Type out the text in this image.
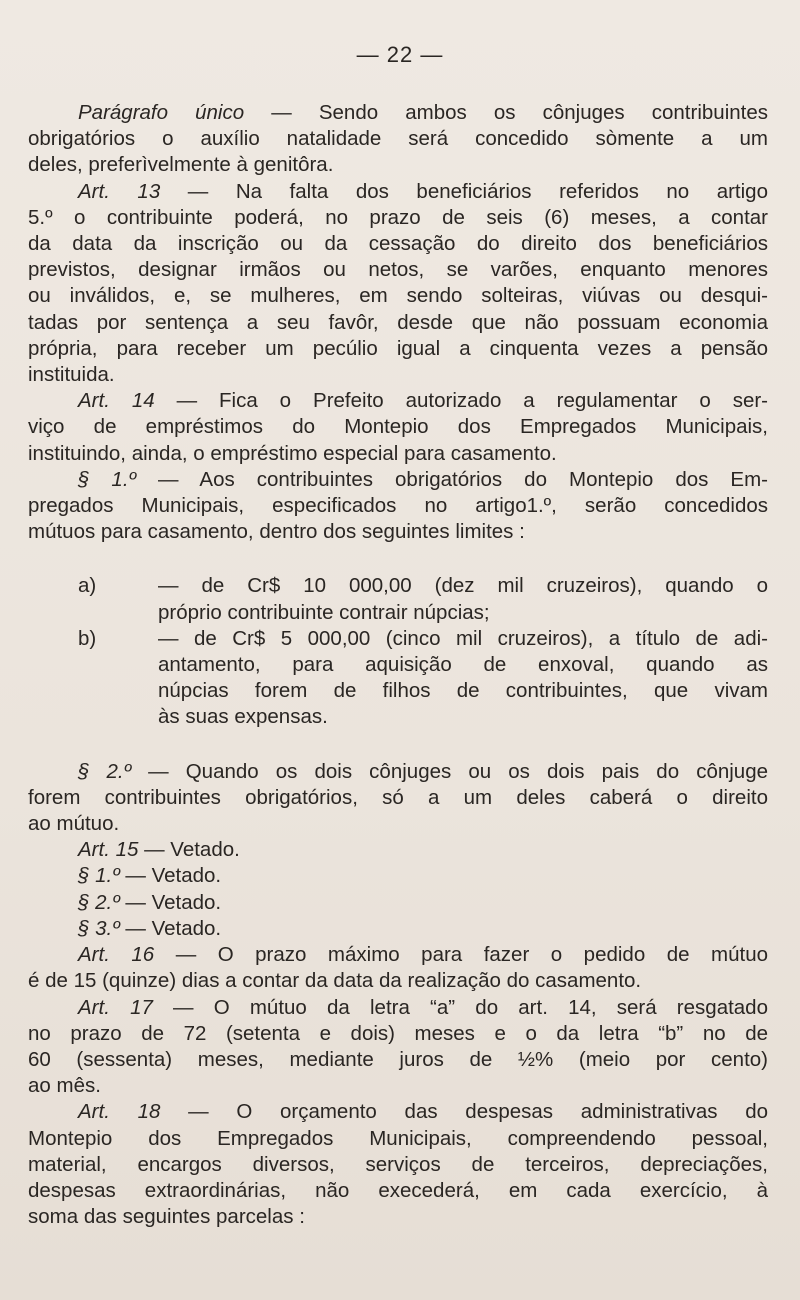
— 22 —
Parágrafo único — Sendo ambos os cônjuges contribuintes
obrigatórios o auxílio natalidade será concedido sòmente a um
deles, preferìvelmente à genitôra.
Art. 13 — Na falta dos beneficiários referidos no artigo
5.º o contribuinte poderá, no prazo de seis (6) meses, a contar
da data da inscrição ou da cessação do direito dos beneficiários
previstos, designar irmãos ou netos, se varões, enquanto menores
ou inválidos, e, se mulheres, em sendo solteiras, viúvas ou desqui-
tadas por sentença a seu favôr, desde que não possuam economia
própria, para receber um pecúlio igual a cinquenta vezes a pensão
instituida.
Art. 14 — Fica o Prefeito autorizado a regulamentar o ser-
viço de empréstimos do Montepio dos Empregados Municipais,
instituindo, ainda, o empréstimo especial para casamento.
§ 1.º — Aos contribuintes obrigatórios do Montepio dos Em-
pregados Municipais, especificados no artigo1.º, serão concedidos
mútuos para casamento, dentro dos seguintes limites :
a)	— de Cr$ 10 000,00 (dez mil cruzeiros), quando o
próprio contribuinte contrair núpcias;
b)	— de Cr$ 5 000,00 (cinco mil cruzeiros), a título de adi-
antamento, para aquisição de enxoval, quando as
núpcias forem de filhos de contribuintes, que vivam
às suas expensas.
§ 2.º — Quando os dois cônjuges ou os dois pais do cônjuge
forem contribuintes obrigatórios, só a um deles caberá o direito
ao mútuo.
Art. 15 — Vetado.
§ 1.º — Vetado.
§ 2.º — Vetado.
§ 3.º — Vetado.
Art. 16 — O prazo máximo para fazer o pedido de mútuo
é de 15 (quinze) dias a contar da data da realização do casamento.
Art. 17 — O mútuo da letra “a” do art. 14, será resgatado
no prazo de 72 (setenta e dois) meses e o da letra “b” no de
60 (sessenta) meses, mediante juros de ½% (meio por cento)
ao mês.
Art. 18 — O orçamento das despesas administrativas do
Montepio dos Empregados Municipais, compreendendo pessoal,
material, encargos diversos, serviços de terceiros, depreciações,
despesas extraordinárias, não execederá, em cada exercício, à
soma das seguintes parcelas :
